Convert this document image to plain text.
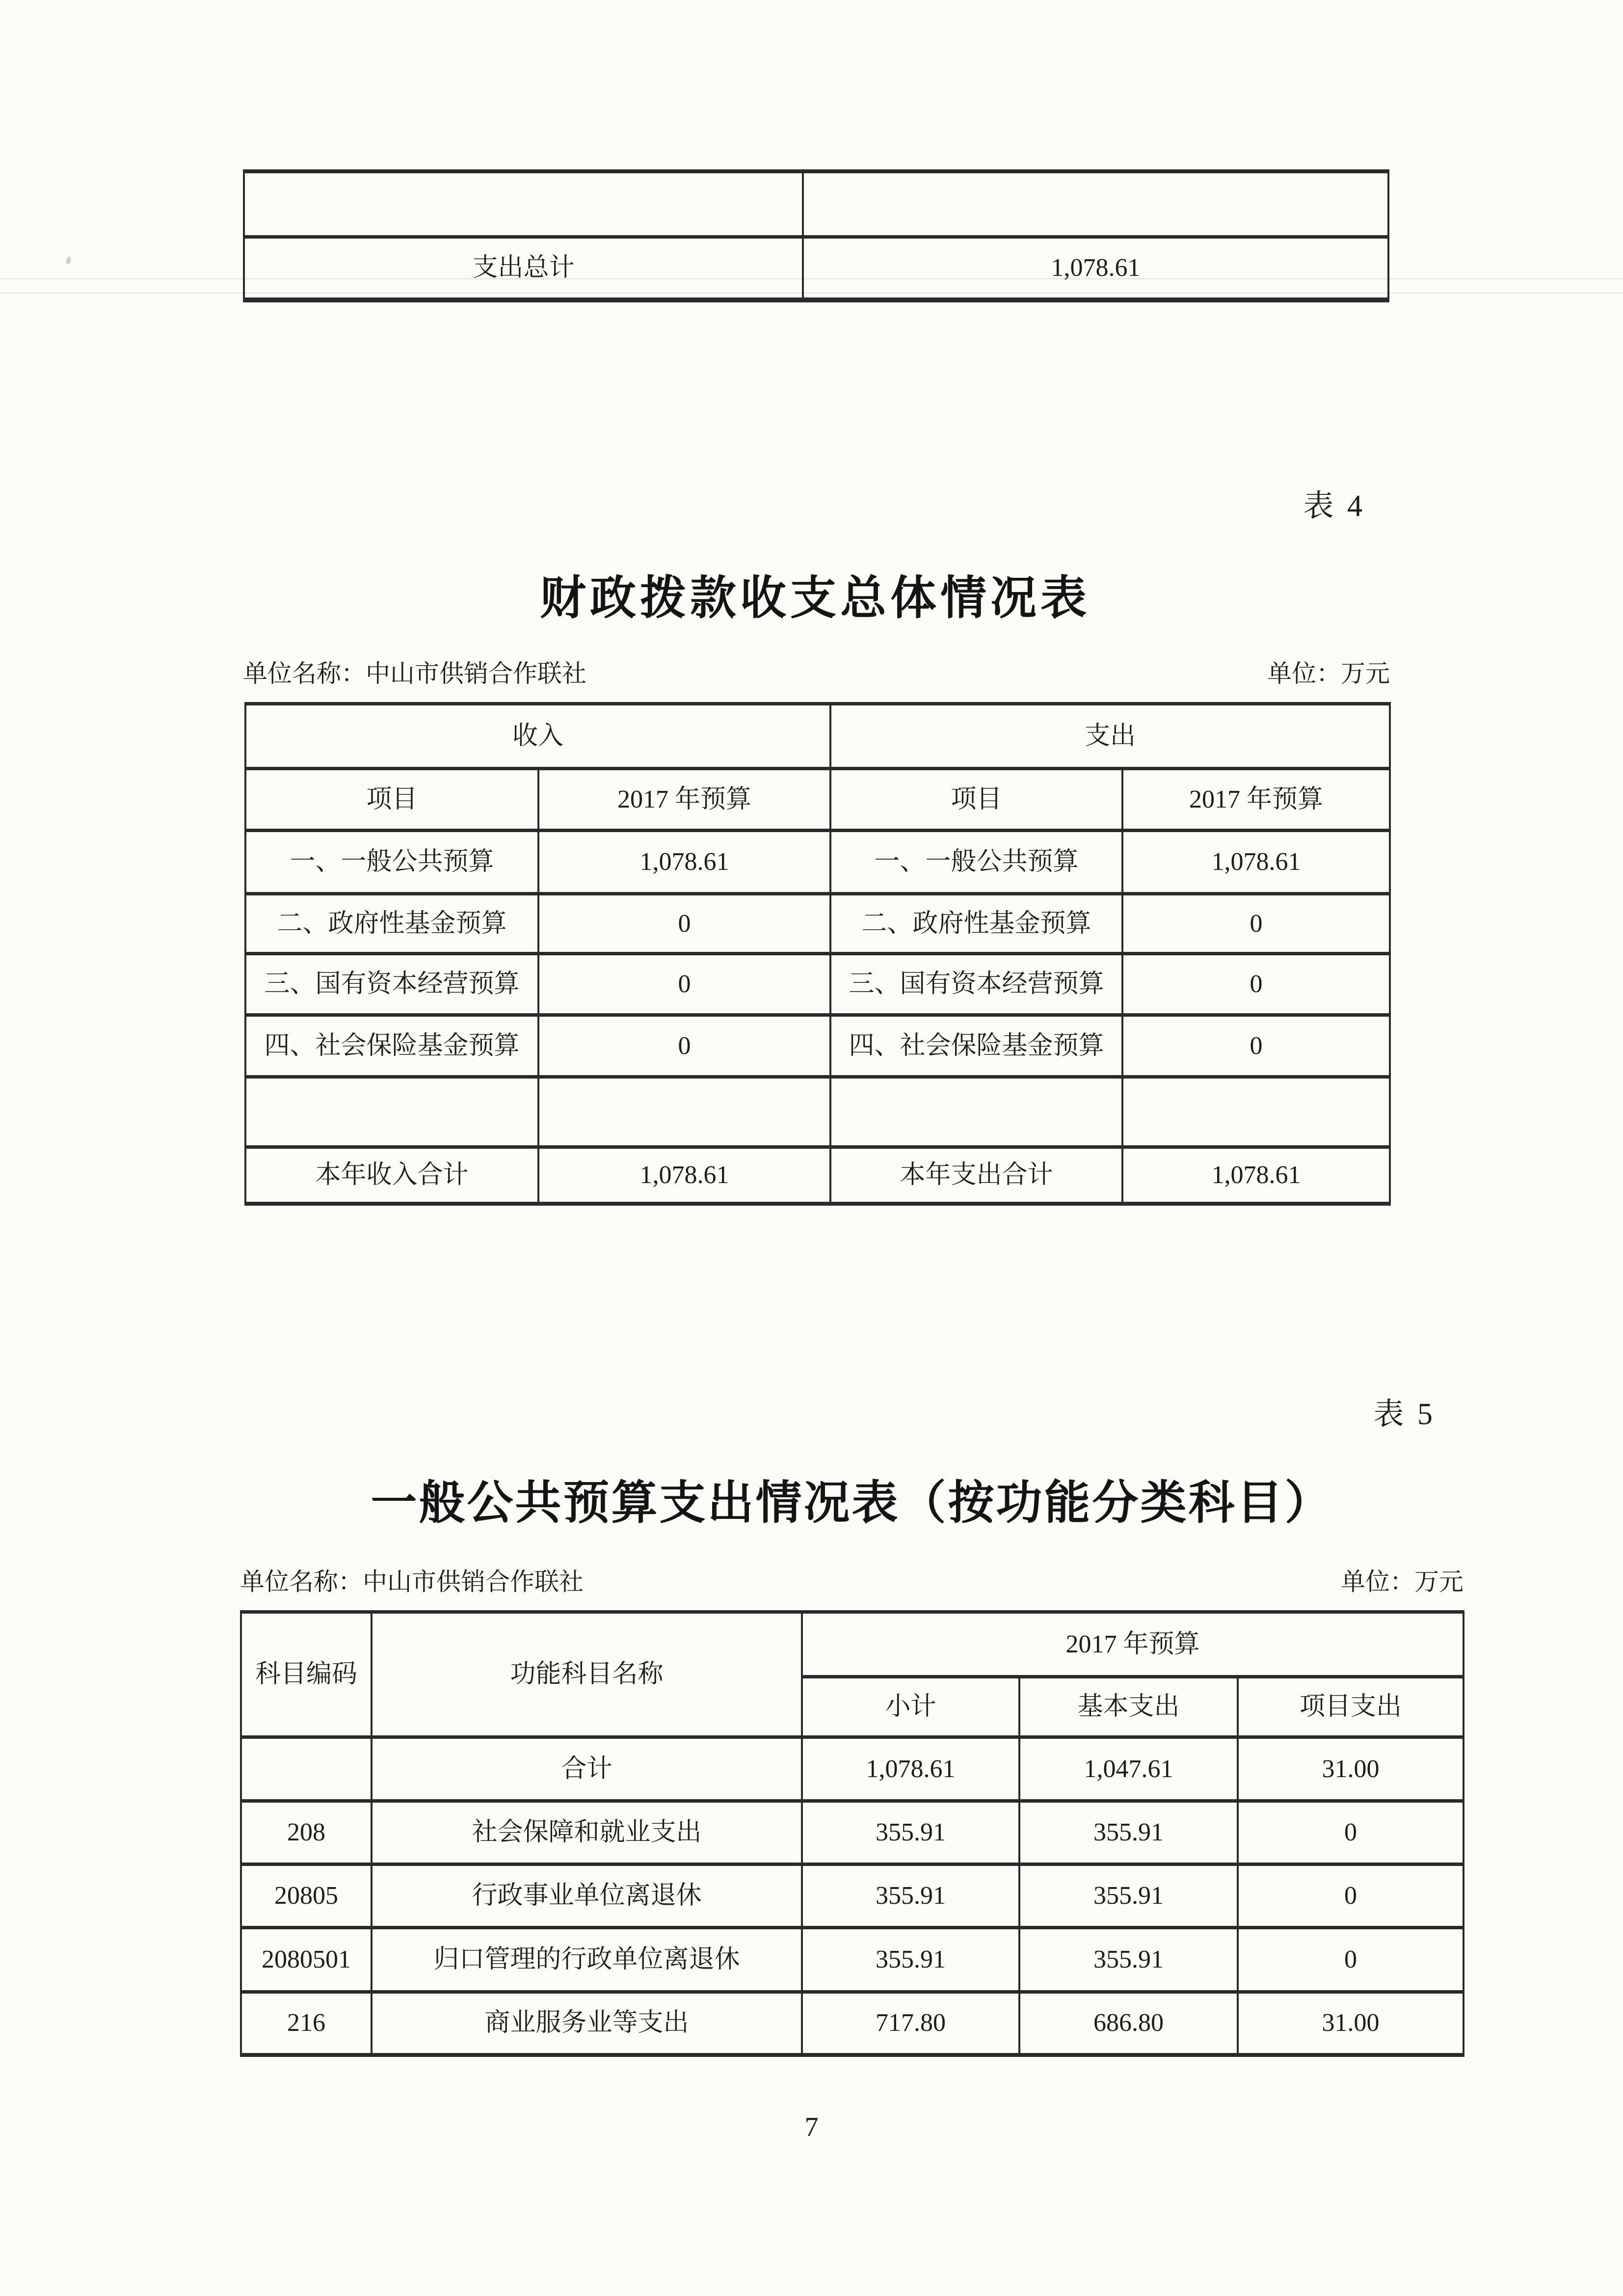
支出总计	1,078.61
表 4
财政拨款收支总体情况表
单位名称：中山市供销合作联社	单位：万元
收入		支出	
项目	2017 年预算	项目	2017 年预算
一、一般公共预算	1,078.61	一、一般公共预算	1,078.61
二、政府性基金预算	0	二、政府性基金预算	0
三、国有资本经营预算	0	三、国有资本经营预算	0
四、社会保险基金预算	0	四、社会保险基金预算	0

本年收入合计	1,078.61	本年支出合计	1,078.61
表 5
一般公共预算支出情况表（按功能分类科目）
单位名称：中山市供销合作联社	单位：万元
科目编码	功能科目名称	2017 年预算		
		小计	基本支出	项目支出
	合计	1,078.61	1,047.61	31.00
208	社会保障和就业支出	355.91	355.91	0
20805	行政事业单位离退休	355.91	355.91	0
2080501	归口管理的行政单位离退休	355.91	355.91	0
216	商业服务业等支出	717.80	686.80	31.00
7
